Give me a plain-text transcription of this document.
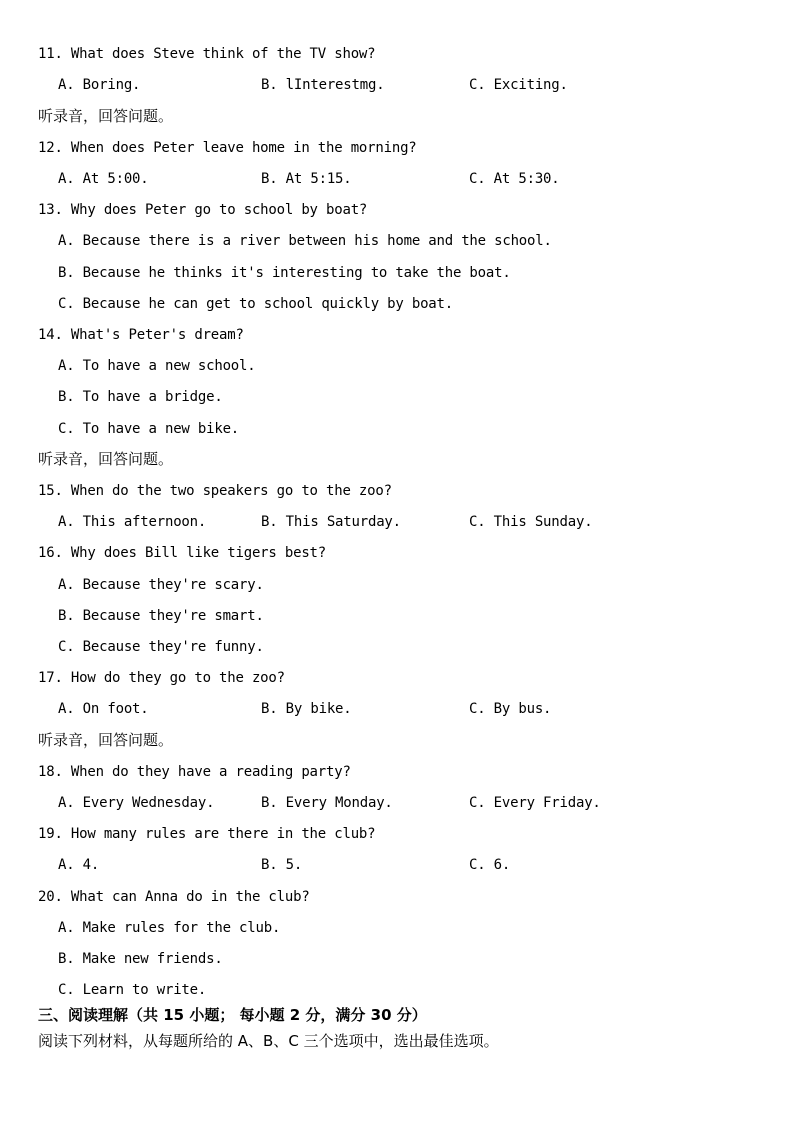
11. What does Steve think of the TV show?
A. Boring.	B. lInterestmg.	C. Exciting.
听录音，回答问题。
12. When does Peter leave home in the morning?
A. At 5:00.	B. At 5:15.	C. At 5:30.
13. Why does Peter go to school by boat?
A. Because there is a river between his home and the school.
B. Because he thinks it's interesting to take the boat.
C. Because he can get to school quickly by boat.
14. What's Peter's dream?
A. To have a new school.
B. To have a bridge.
C. To have a new bike.
听录音，回答问题。
15. When do the two speakers go to the zoo?
A. This afternoon.	B. This Saturday.	C. This Sunday.
16. Why does Bill like tigers best?
A. Because they're scary.
B. Because they're smart.
C. Because they're funny.
17. How do they go to the zoo?
A. On foot.	B. By bike.	C. By bus.
听录音，回答问题。
18. When do they have a reading party?
A. Every Wednesday.	B. Every Monday.	C. Every Friday.
19. How many rules are there in the club?
A. 4.	B. 5.	C. 6.
20. What can Anna do in the club?
A. Make rules for the club.
B. Make new friends.
C. Learn to write.
三、阅读理解（共 15 小题； 每小题 2 分，满分 30 分）
阅读下列材料，从每题所给的 A、B、C 三个选项中，选出最佳选项。
